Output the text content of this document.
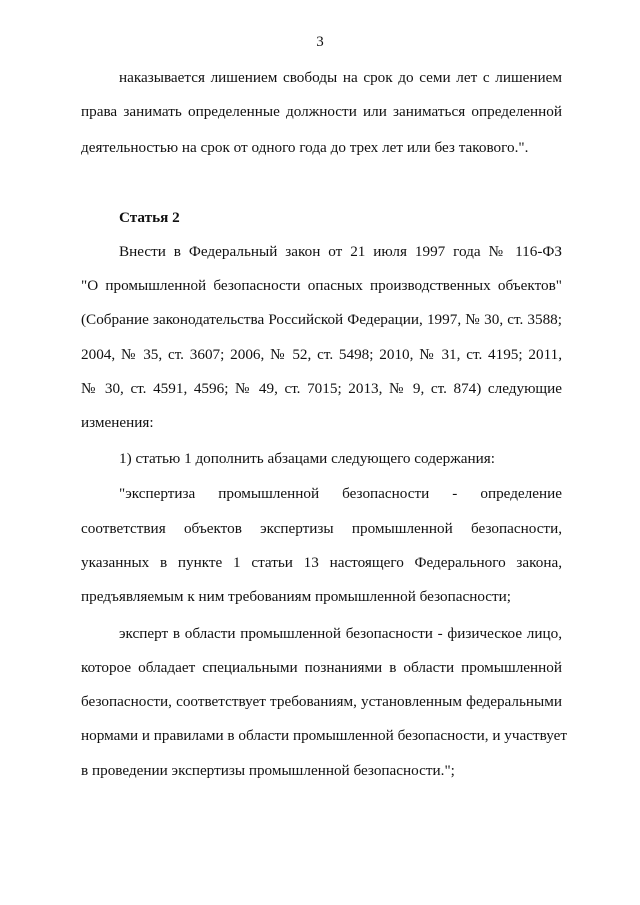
3
наказывается лишением свободы на срок до семи лет с лишением
права занимать определенные должности или заниматься определенной
деятельностью на срок от одного года до трех лет или без такового.".
Статья 2
Внести в Федеральный закон от 21 июля 1997 года № 116-ФЗ
"О промышленной безопасности опасных производственных объектов"
(Собрание законодательства Российской Федерации, 1997, № 30, ст. 3588;
2004, № 35, ст. 3607; 2006, № 52, ст. 5498; 2010, № 31, ст. 4195; 2011,
№ 30, ст. 4591, 4596; № 49, ст. 7015; 2013, № 9, ст. 874) следующие
изменения:
1) статью 1 дополнить абзацами следующего содержания:
"экспертиза промышленной безопасности - определение
соответствия объектов экспертизы промышленной безопасности,
указанных в пункте 1 статьи 13 настоящего Федерального закона,
предъявляемым к ним требованиям промышленной безопасности;
эксперт в области промышленной безопасности - физическое лицо,
которое обладает специальными познаниями в области промышленной
безопасности, соответствует требованиям, установленным федеральными
нормами и правилами в области промышленной безопасности, и участвует
в проведении экспертизы промышленной безопасности.";
